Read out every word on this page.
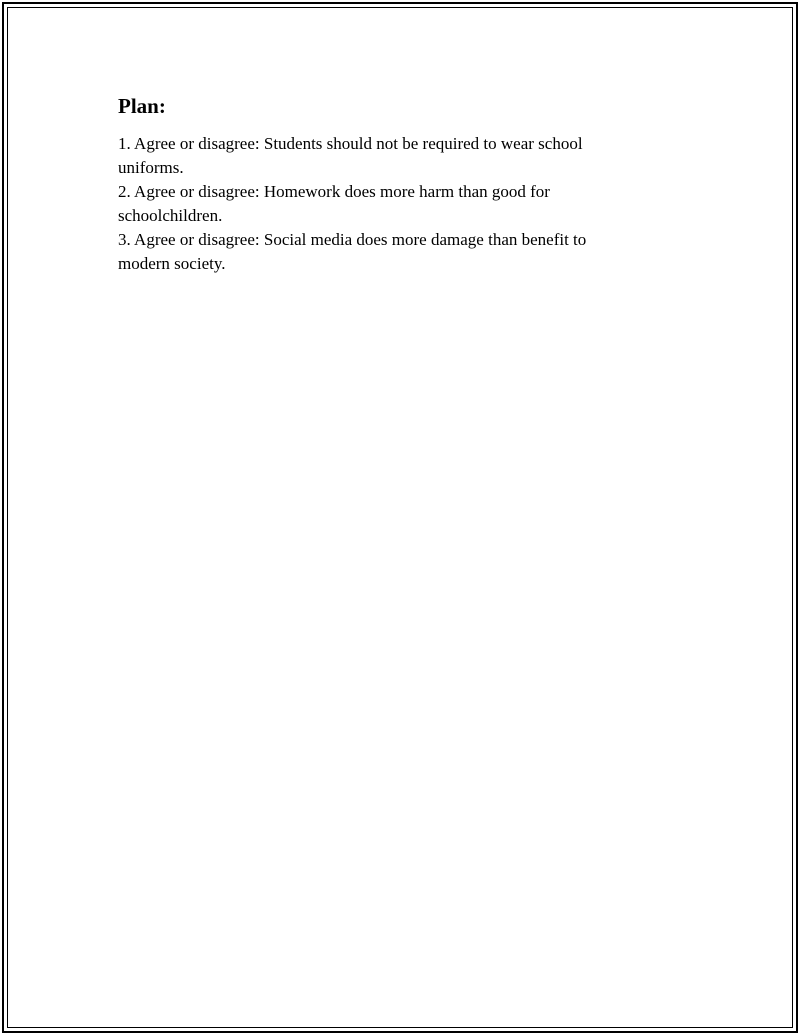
Plan:
1. Agree or disagree: Students should not be required to wear school uniforms.
2. Agree or disagree: Homework does more harm than good for schoolchildren.
3. Agree or disagree: Social media does more damage than benefit to modern society.
